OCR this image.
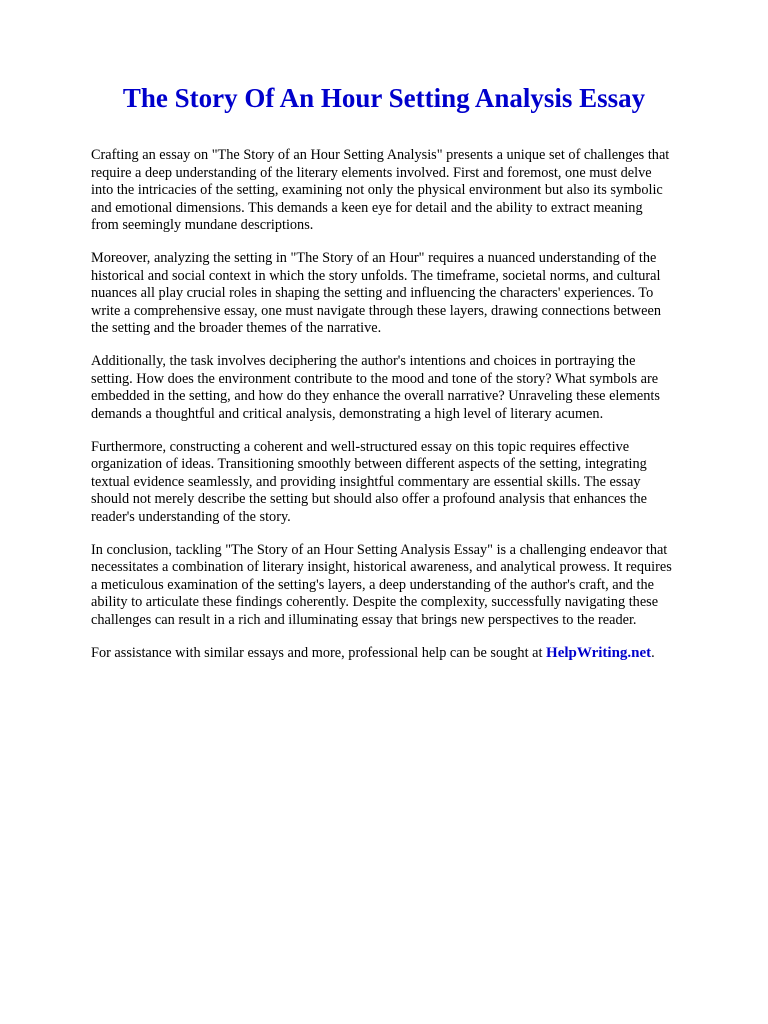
The Story Of An Hour Setting Analysis Essay
Crafting an essay on "The Story of an Hour Setting Analysis" presents a unique set of challenges that
require a deep understanding of the literary elements involved. First and foremost, one must delve
into the intricacies of the setting, examining not only the physical environment but also its symbolic
and emotional dimensions. This demands a keen eye for detail and the ability to extract meaning
from seemingly mundane descriptions.
Moreover, analyzing the setting in "The Story of an Hour" requires a nuanced understanding of the
historical and social context in which the story unfolds. The timeframe, societal norms, and cultural
nuances all play crucial roles in shaping the setting and influencing the characters' experiences. To
write a comprehensive essay, one must navigate through these layers, drawing connections between
the setting and the broader themes of the narrative.
Additionally, the task involves deciphering the author's intentions and choices in portraying the
setting. How does the environment contribute to the mood and tone of the story? What symbols are
embedded in the setting, and how do they enhance the overall narrative? Unraveling these elements
demands a thoughtful and critical analysis, demonstrating a high level of literary acumen.
Furthermore, constructing a coherent and well-structured essay on this topic requires effective
organization of ideas. Transitioning smoothly between different aspects of the setting, integrating
textual evidence seamlessly, and providing insightful commentary are essential skills. The essay
should not merely describe the setting but should also offer a profound analysis that enhances the
reader's understanding of the story.
In conclusion, tackling "The Story of an Hour Setting Analysis Essay" is a challenging endeavor that
necessitates a combination of literary insight, historical awareness, and analytical prowess. It requires
a meticulous examination of the setting's layers, a deep understanding of the author's craft, and the
ability to articulate these findings coherently. Despite the complexity, successfully navigating these
challenges can result in a rich and illuminating essay that brings new perspectives to the reader.
For assistance with similar essays and more, professional help can be sought at HelpWriting.net.
